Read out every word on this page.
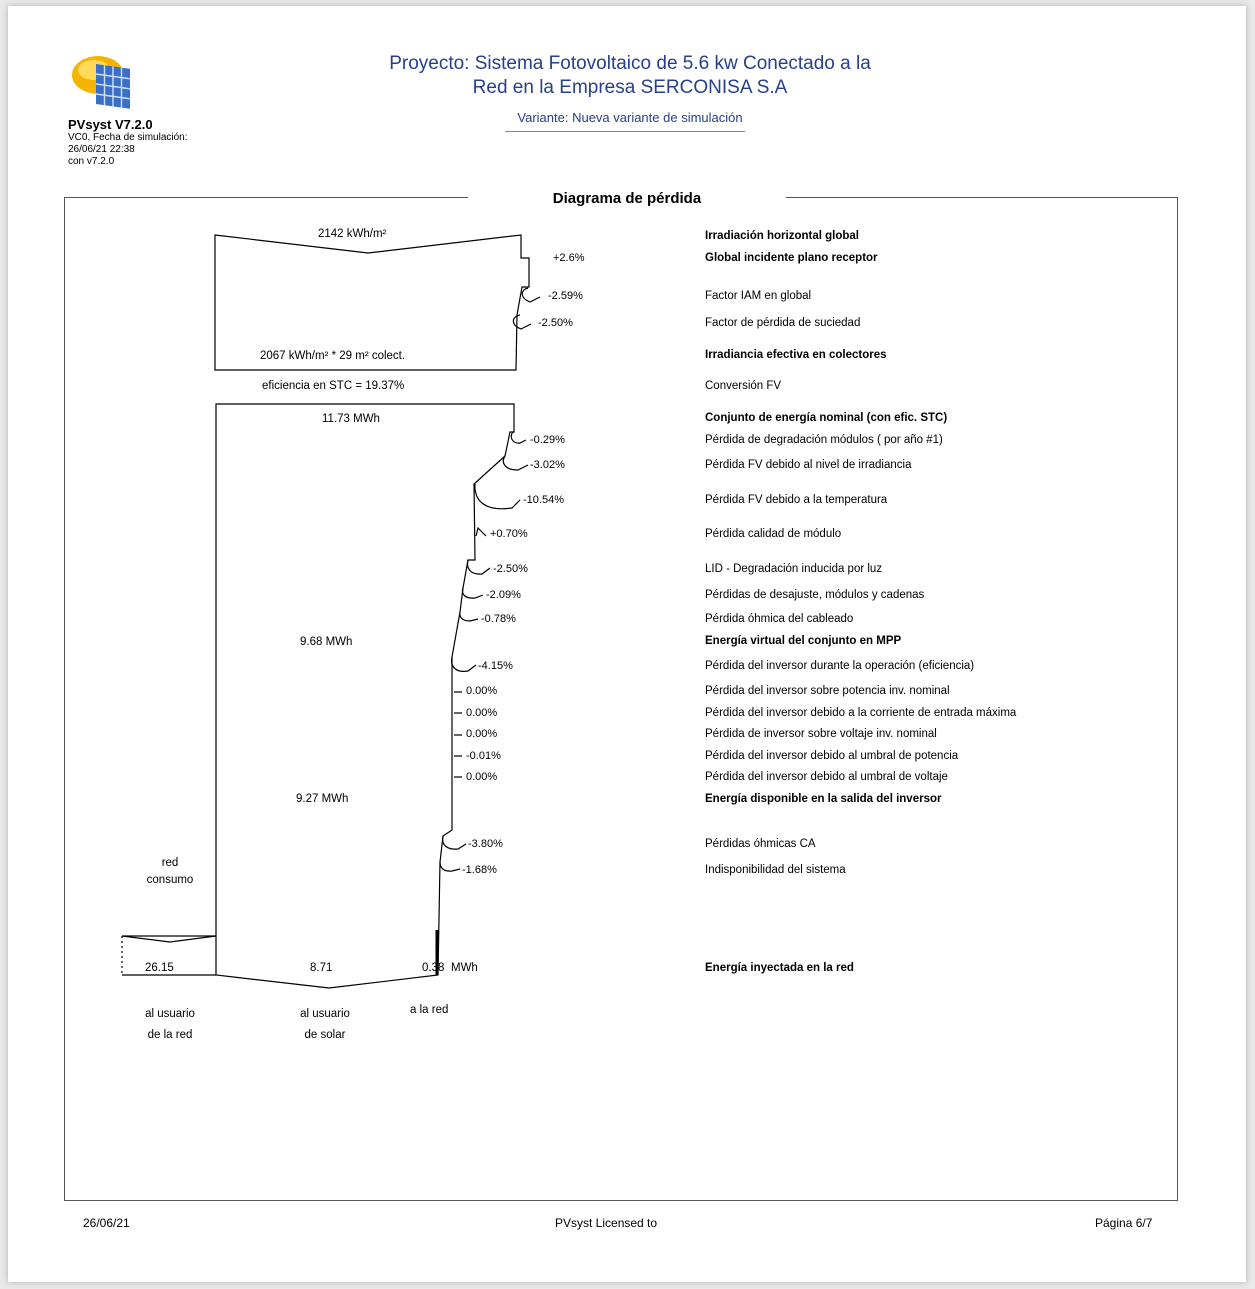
PVsyst V7.2.0
VC0, Fecha de simulación:
26/06/21 22:38
con v7.2.0
Proyecto: Sistema Fotovoltaico de 5.6 kw Conectado a la
Red en la Empresa SERCONISA S.A
Variante: Nueva variante de simulación
Diagrama de pérdida
2142 kWh/m²
2067 kWh/m² * 29 m² colect.
eficiencia en STC = 19.37%
11.73 MWh
9.68 MWh
9.27 MWh
red
consumo
26.15	8.71	0.38 MWh
al usuario
de la red
al usuario
de solar
a la red
+2.6%
-2.59%
-2.50%
-0.29%
-3.02%
-10.54%
+0.70%
-2.50%
-2.09%
-0.78%
-4.15%
0.00%
0.00%
0.00%
-0.01%
0.00%
-3.80%
-1.68%
Irradiación horizontal global
Global incidente plano receptor
Factor IAM en global
Factor de pérdida de suciedad
Irradiancia efectiva en colectores
Conversión FV
Conjunto de energía nominal (con efic. STC)
Pérdida de degradación módulos ( por año #1)
Pérdida FV debido al nivel de irradiancia
Pérdida FV debido a la temperatura
Pérdida calidad de módulo
LID - Degradación inducida por luz
Pérdidas de desajuste, módulos y cadenas
Pérdida óhmica del cableado
Energía virtual del conjunto en MPP
Pérdida del inversor durante la operación (eficiencia)
Pérdida del inversor sobre potencia inv. nominal
Pérdida del inversor debido a la corriente de entrada máxima
Pérdida de inversor sobre voltaje inv. nominal
Pérdida del inversor debido al umbral de potencia
Pérdida del inversor debido al umbral de voltaje
Energía disponible en la salida del inversor
Pérdidas óhmicas CA
Indisponibilidad del sistema
Energía inyectada en la red
26/06/21	PVsyst Licensed to	Página 6/7
